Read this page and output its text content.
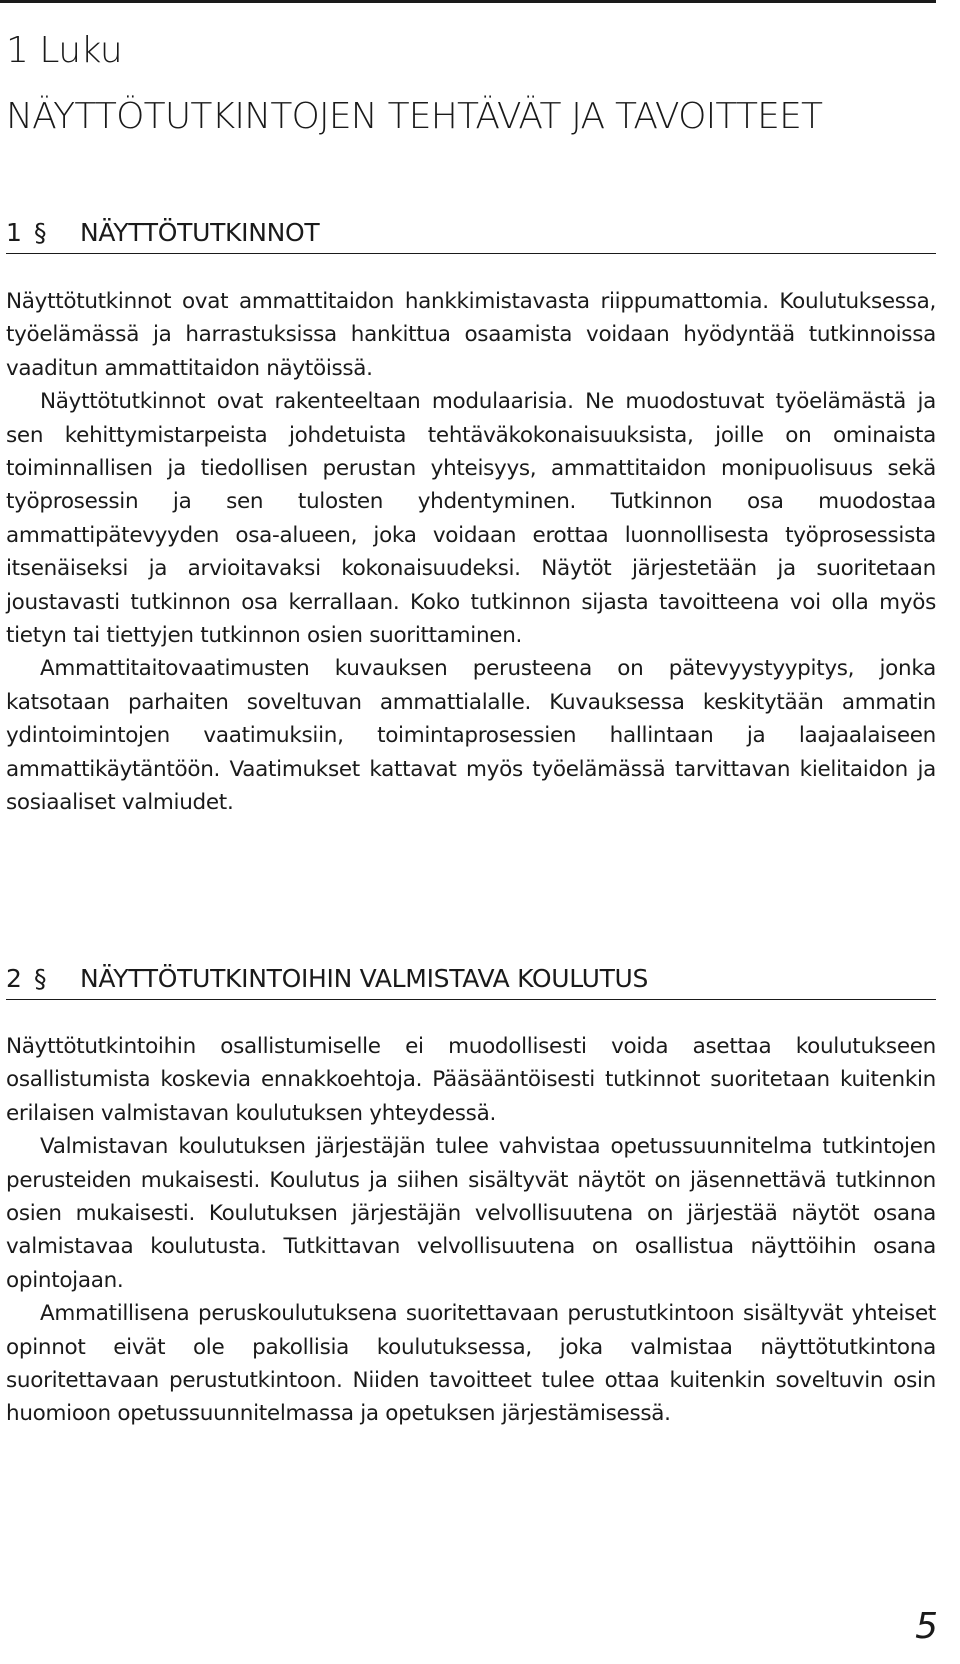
1 Luku
NÄYTTÖTUTKINTOJEN TEHTÄVÄT JA TAVOITTEET
1 § NÄYTTÖTUTKINNOT

Näyttötutkinnot ovat ammattitaidon hankkimistavasta riippumattomia. Koulutuksessa, työelämässä ja harrastuksissa hankittua osaamista voidaan hyödyntää tutkinnoissa vaaditun ammattitaidon näytöissä.

Näyttötutkinnot ovat rakenteeltaan modulaarisia. Ne muodostuvat työelämästä ja sen kehittymistarpeista johdetuista tehtäväkokonaisuuksista, joille on ominaista toiminnallisen ja tiedollisen perustan yhteisyys, ammattitaidon monipuolisuus sekä työprosessin ja sen tulosten yhdentyminen. Tutkinnon osa muodostaa ammattipätevyyden osa-alueen, joka voidaan erottaa luonnollisesta työprosessista itsenäiseksi ja arvioitavaksi kokonaisuudeksi. Näytöt järjestetään ja suoritetaan joustavasti tutkinnon osa kerrallaan. Koko tutkinnon sijasta tavoitteena voi olla myös tietyn tai tiettyjen tutkinnon osien suorittaminen.

Ammattitaitovaatimusten kuvauksen perusteena on pätevyystyypitys, jonka katsotaan parhaiten soveltuvan ammattialalle. Kuvauksessa keskitytään ammatin ydintoimintojen vaatimuksiin, toimintaprosessien hallintaan ja laajaalaiseen ammattikäytäntöön. Vaatimukset kattavat myös työelämässä tarvittavan kielitaidon ja sosiaaliset valmiudet.

2 § NÄYTTÖTUTKINTOIHIN VALMISTAVA KOULUTUS

Näyttötutkintoihin osallistumiselle ei muodollisesti voida asettaa koulutukseen osallistumista koskevia ennakkoehtoja. Pääsääntöisesti tutkinnot suoritetaan kuitenkin erilaisen valmistavan koulutuksen yhteydessä.

Valmistavan koulutuksen järjestäjän tulee vahvistaa opetussuunnitelma tutkintojen perusteiden mukaisesti. Koulutus ja siihen sisältyvät näytöt on jäsennettävä tutkinnon osien mukaisesti. Koulutuksen järjestäjän velvollisuutena on järjestää näytöt osana valmistavaa koulutusta. Tutkittavan velvollisuutena on osallistua näyttöihin osana opintojaan.

Ammatillisena peruskoulutuksena suoritettavaan perustutkintoon sisältyvät yhteiset opinnot eivät ole pakollisia koulutuksessa, joka valmistaa näyttötutkintona suoritettavaan perustutkintoon. Niiden tavoitteet tulee ottaa kuitenkin soveltuvin osin huomioon opetussuunnitelmassa ja opetuksen järjestämisessä.

5
